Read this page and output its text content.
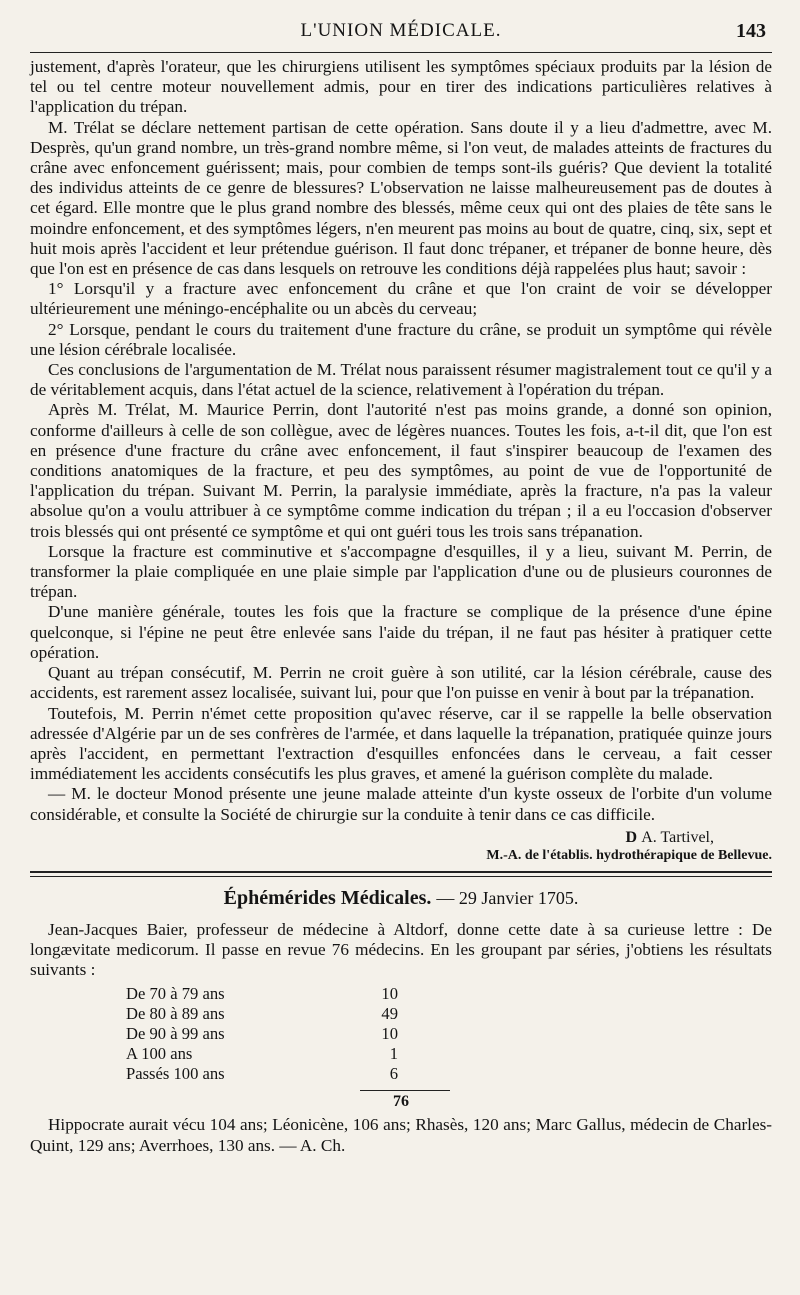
L'UNION MÉDICALE.	143

justement, d'après l'orateur, que les chirurgiens utilisent les symptômes spéciaux produits par la lésion de tel ou tel centre moteur nouvellement admis, pour en tirer des indications particulières relatives à l'application du trépan.

M. Trélat se déclare nettement partisan de cette opération. Sans doute il y a lieu d'admettre, avec M. Desprès, qu'un grand nombre, un très-grand nombre même, si l'on veut, de malades atteints de fractures du crâne avec enfoncement guérissent; mais, pour combien de temps sont-ils guéris? Que devient la totalité des individus atteints de ce genre de blessures? L'observation ne laisse malheureusement pas de doutes à cet égard. Elle montre que le plus grand nombre des blessés, même ceux qui ont des plaies de tête sans le moindre enfoncement, et des symptômes légers, n'en meurent pas moins au bout de quatre, cinq, six, sept et huit mois après l'accident et leur prétendue guérison. Il faut donc trépaner, et trépaner de bonne heure, dès que l'on est en présence de cas dans lesquels on retrouve les conditions déjà rappelées plus haut; savoir :

1° Lorsqu'il y a fracture avec enfoncement du crâne et que l'on craint de voir se développer ultérieurement une méningo-encéphalite ou un abcès du cerveau;

2° Lorsque, pendant le cours du traitement d'une fracture du crâne, se produit un symptôme qui révèle une lésion cérébrale localisée.

Ces conclusions de l'argumentation de M. Trélat nous paraissent résumer magistralement tout ce qu'il y a de véritablement acquis, dans l'état actuel de la science, relativement à l'opération du trépan.

Après M. Trélat, M. Maurice Perrin, dont l'autorité n'est pas moins grande, a donné son opinion, conforme d'ailleurs à celle de son collègue, avec de légères nuances. Toutes les fois, a-t-il dit, que l'on est en présence d'une fracture du crâne avec enfoncement, il faut s'inspirer beaucoup de l'examen des conditions anatomiques de la fracture, et peu des symptômes, au point de vue de l'opportunité de l'application du trépan. Suivant M. Perrin, la paralysie immédiate, après la fracture, n'a pas la valeur absolue qu'on a voulu attribuer à ce symptôme comme indication du trépan ; il a eu l'occasion d'observer trois blessés qui ont présenté ce symptôme et qui ont guéri tous les trois sans trépanation.

Lorsque la fracture est comminutive et s'accompagne d'esquilles, il y a lieu, suivant M. Perrin, de transformer la plaie compliquée en une plaie simple par l'application d'une ou de plusieurs couronnes de trépan.

D'une manière générale, toutes les fois que la fracture se complique de la présence d'une épine quelconque, si l'épine ne peut être enlevée sans l'aide du trépan, il ne faut pas hésiter à pratiquer cette opération.

Quant au trépan consécutif, M. Perrin ne croit guère à son utilité, car la lésion cérébrale, cause des accidents, est rarement assez localisée, suivant lui, pour que l'on puisse en venir à bout par la trépanation.

Toutefois, M. Perrin n'émet cette proposition qu'avec réserve, car il se rappelle la belle observation adressée d'Algérie par un de ses confrères de l'armée, et dans laquelle la trépanation, pratiquée quinze jours après l'accident, en permettant l'extraction d'esquilles enfoncées dans le cerveau, a fait cesser immédiatement les accidents consécutifs les plus graves, et amené la guérison complète du malade.

— M. le docteur Monod présente une jeune malade atteinte d'un kyste osseux de l'orbite d'un volume considérable, et consulte la Société de chirurgie sur la conduite à tenir dans ce cas difficile.

D A. Tartivel,
M.-A. de l'établis. hydrothérapique de Bellevue.
Éphémérides Médicales. — 29 Janvier 1705.

Jean-Jacques Baier, professeur de médecine à Altdorf, donne cette date à sa curieuse lettre : De longævitate medicorum. Il passe en revue 76 médecins. En les groupant par séries, j'obtiens les résultats suivants :

De 70 à 79 ans	10
De 80 à 89 ans	49
De 90 à 99 ans	10
A 100 ans	1
Passés 100 ans	6
76

Hippocrate aurait vécu 104 ans; Léonicène, 106 ans; Rhasès, 120 ans; Marc Gallus, médecin de Charles-Quint, 129 ans; Averrhoes, 130 ans. — A. Ch.
